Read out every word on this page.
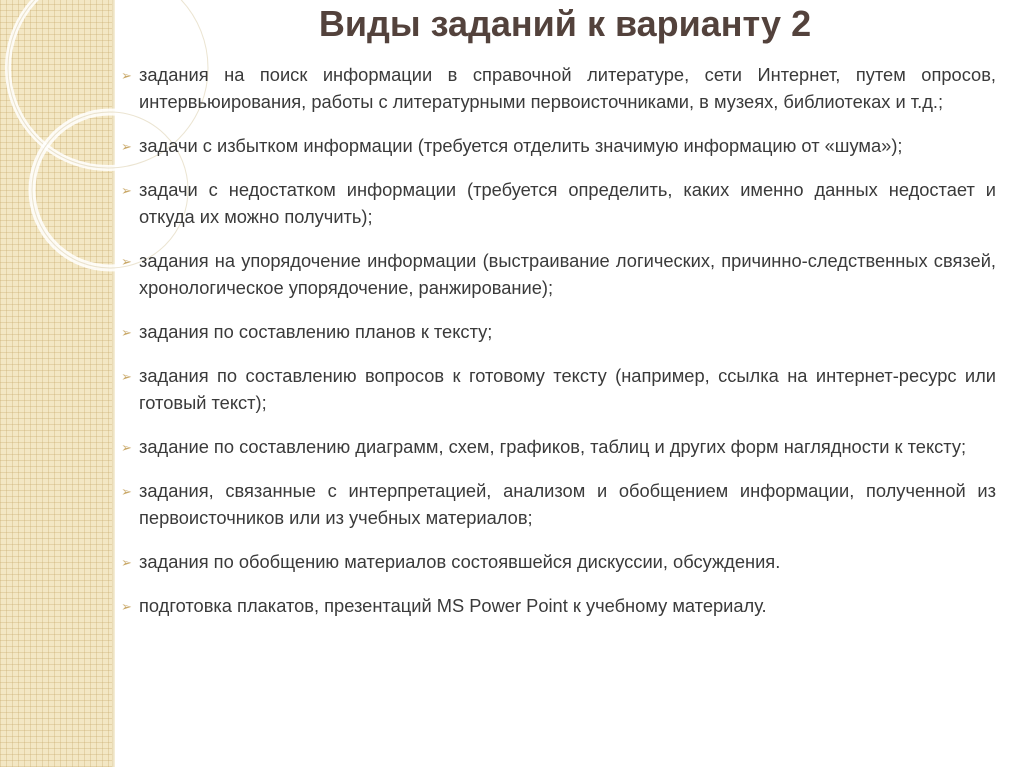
Виды заданий к варианту 2
➢ задания на поиск информации в справочной литературе, сети Интернет, путем опросов, интервьюирования, работы с литературными первоисточниками, в музеях, библиотеках и т.д.;
➢ задачи с избытком информации (требуется отделить значимую информацию от «шума»);
➢ задачи с недостатком информации (требуется определить, каких именно данных недостает и откуда их можно получить);
➢ задания на упорядочение информации (выстраивание логических, причинно-следственных связей, хронологическое упорядочение, ранжирование);
➢ задания по составлению планов к тексту;
➢ задания по составлению вопросов к готовому тексту (например, ссылка на интернет-ресурс или готовый текст);
➢ задание по составлению диаграмм, схем, графиков, таблиц и других форм наглядности к тексту;
➢ задания, связанные с интерпретацией, анализом и обобщением информации, полученной из первоисточников или из учебных материалов;
➢ задания по обобщению материалов состоявшейся дискуссии, обсуждения.
➢ подготовка плакатов, презентаций MS Power Point к учебному материалу.
